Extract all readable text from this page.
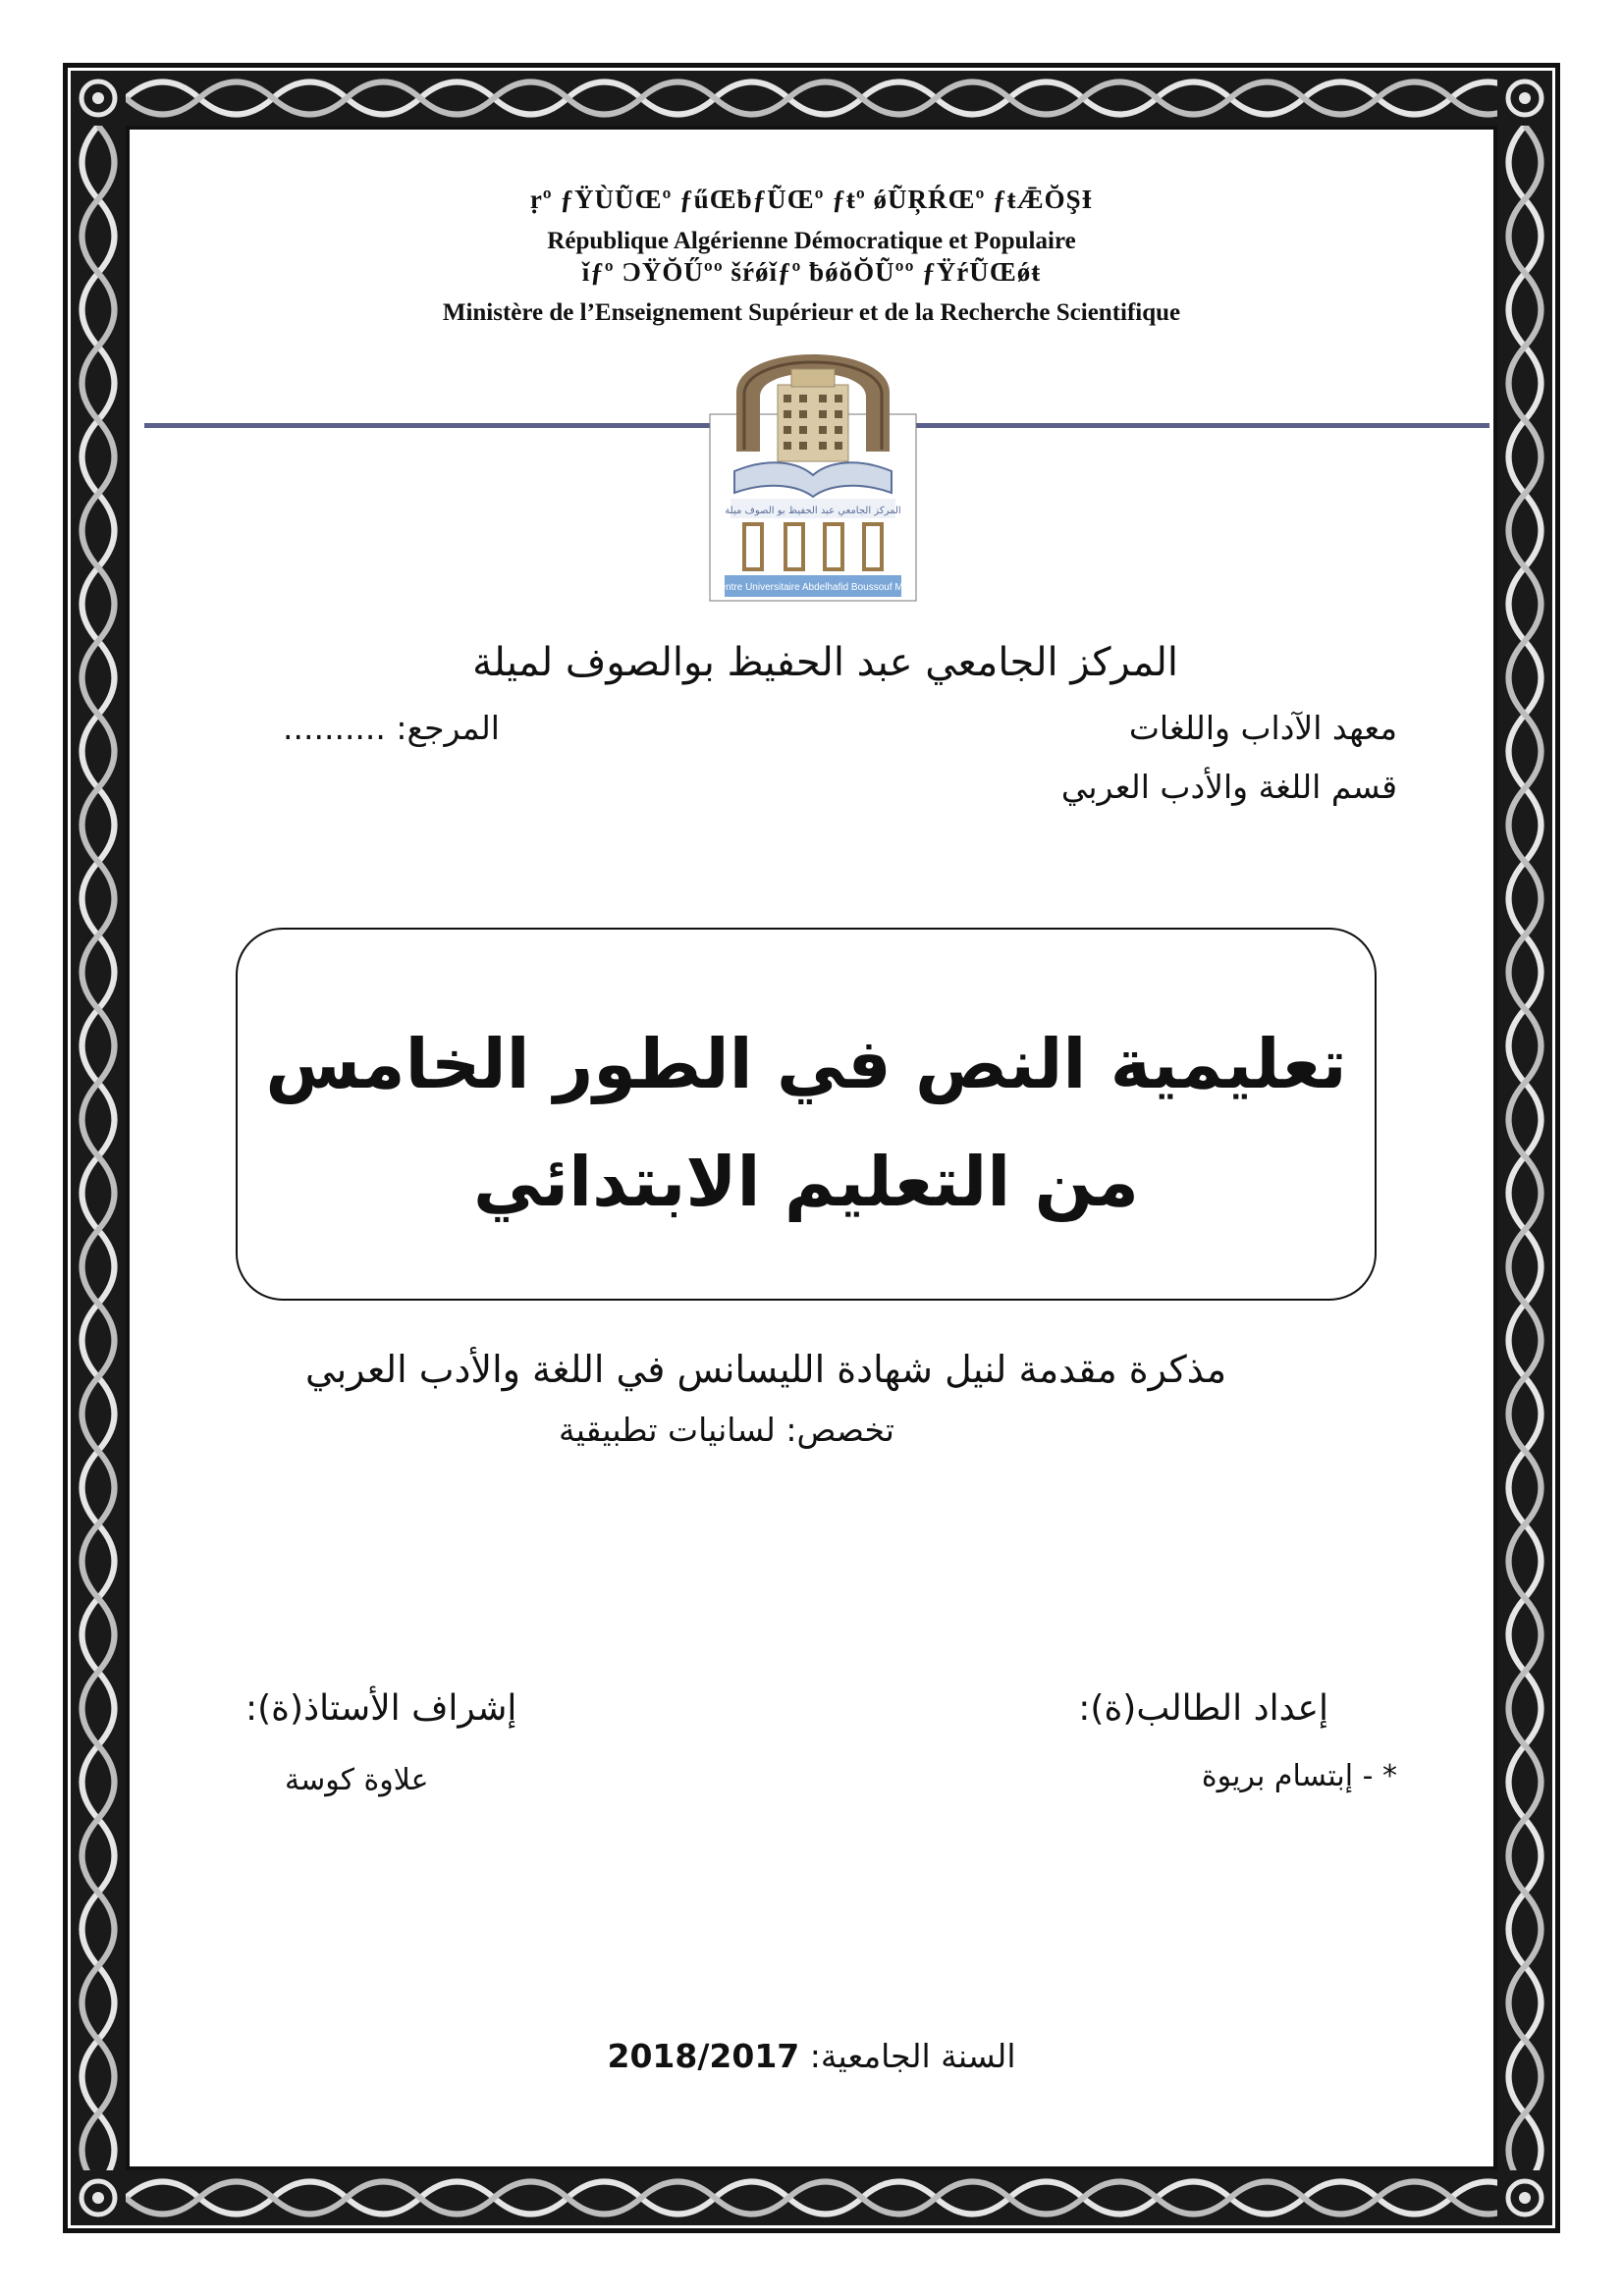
ṛº ƒŸÙŨŒº ƒűŒƀƒŨŒº ƒŧº ǿŨŖŔŒº ƒŧǢŎŞƗ
République Algérienne Démocratique et Populaire
ǐƒº ƆŸŎŰºº šŕǿǐƒº ƀǿŏŎŨºº ƒŸŕŨŒǿŧ
Ministère de l’Enseignement Supérieur et de la Recherche Scientifique
المركز الجامعي عبد الحفيظ بو الصوف ميلة
Centre Universitaire Abdelhafid Boussouf Mila
المركز الجامعي عبد الحفيظ بوالصوف لميلة
معهد الآداب واللغات
المرجع: ..........
قسم اللغة والأدب العربي
تعليمية النص في الطور الخامس
من التعليم الابتدائي
مذكرة مقدمة لنيل شهادة الليسانس في اللغة والأدب العربي
تخصص: لسانيات تطبيقية
إعداد الطالب(ة):
إشراف الأستاذ(ة):
* - إبتسام بريوة
علاوة كوسة
السنة الجامعية: 2018/2017
